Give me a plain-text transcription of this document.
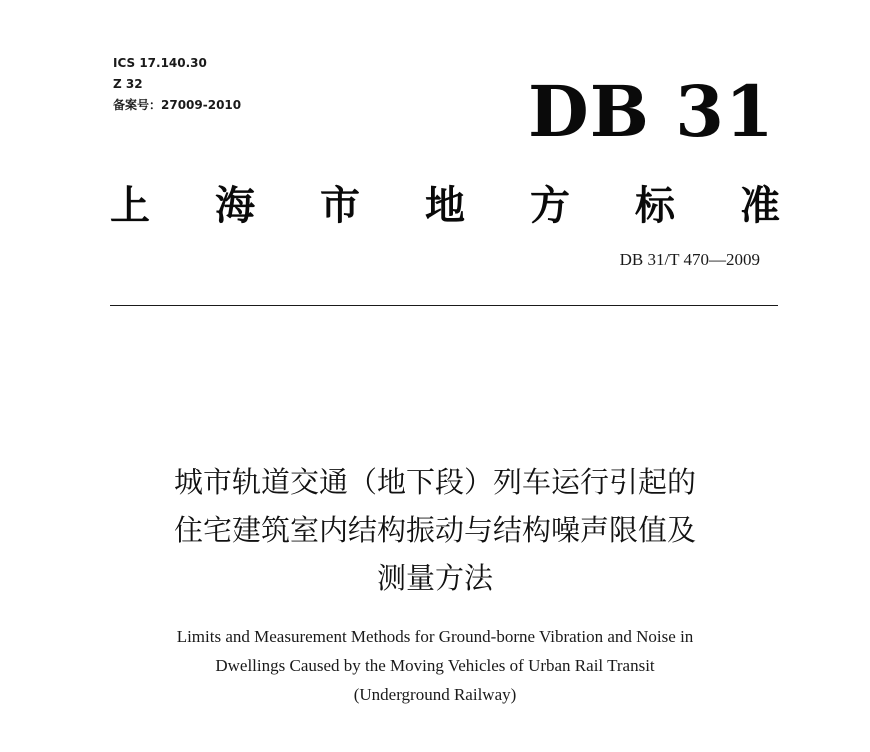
ICS 17.140.30
Z 32
备案号：27009-2010	DB 31
上 海 市 地 方 标 准
DB 31/T 470—2009
城市轨道交通（地下段）列车运行引起的
住宅建筑室内结构振动与结构噪声限值及
测量方法
Limits and Measurement Methods for Ground-borne Vibration and Noise in
Dwellings Caused by the Moving Vehicles of Urban Rail Transit
(Underground Railway)
